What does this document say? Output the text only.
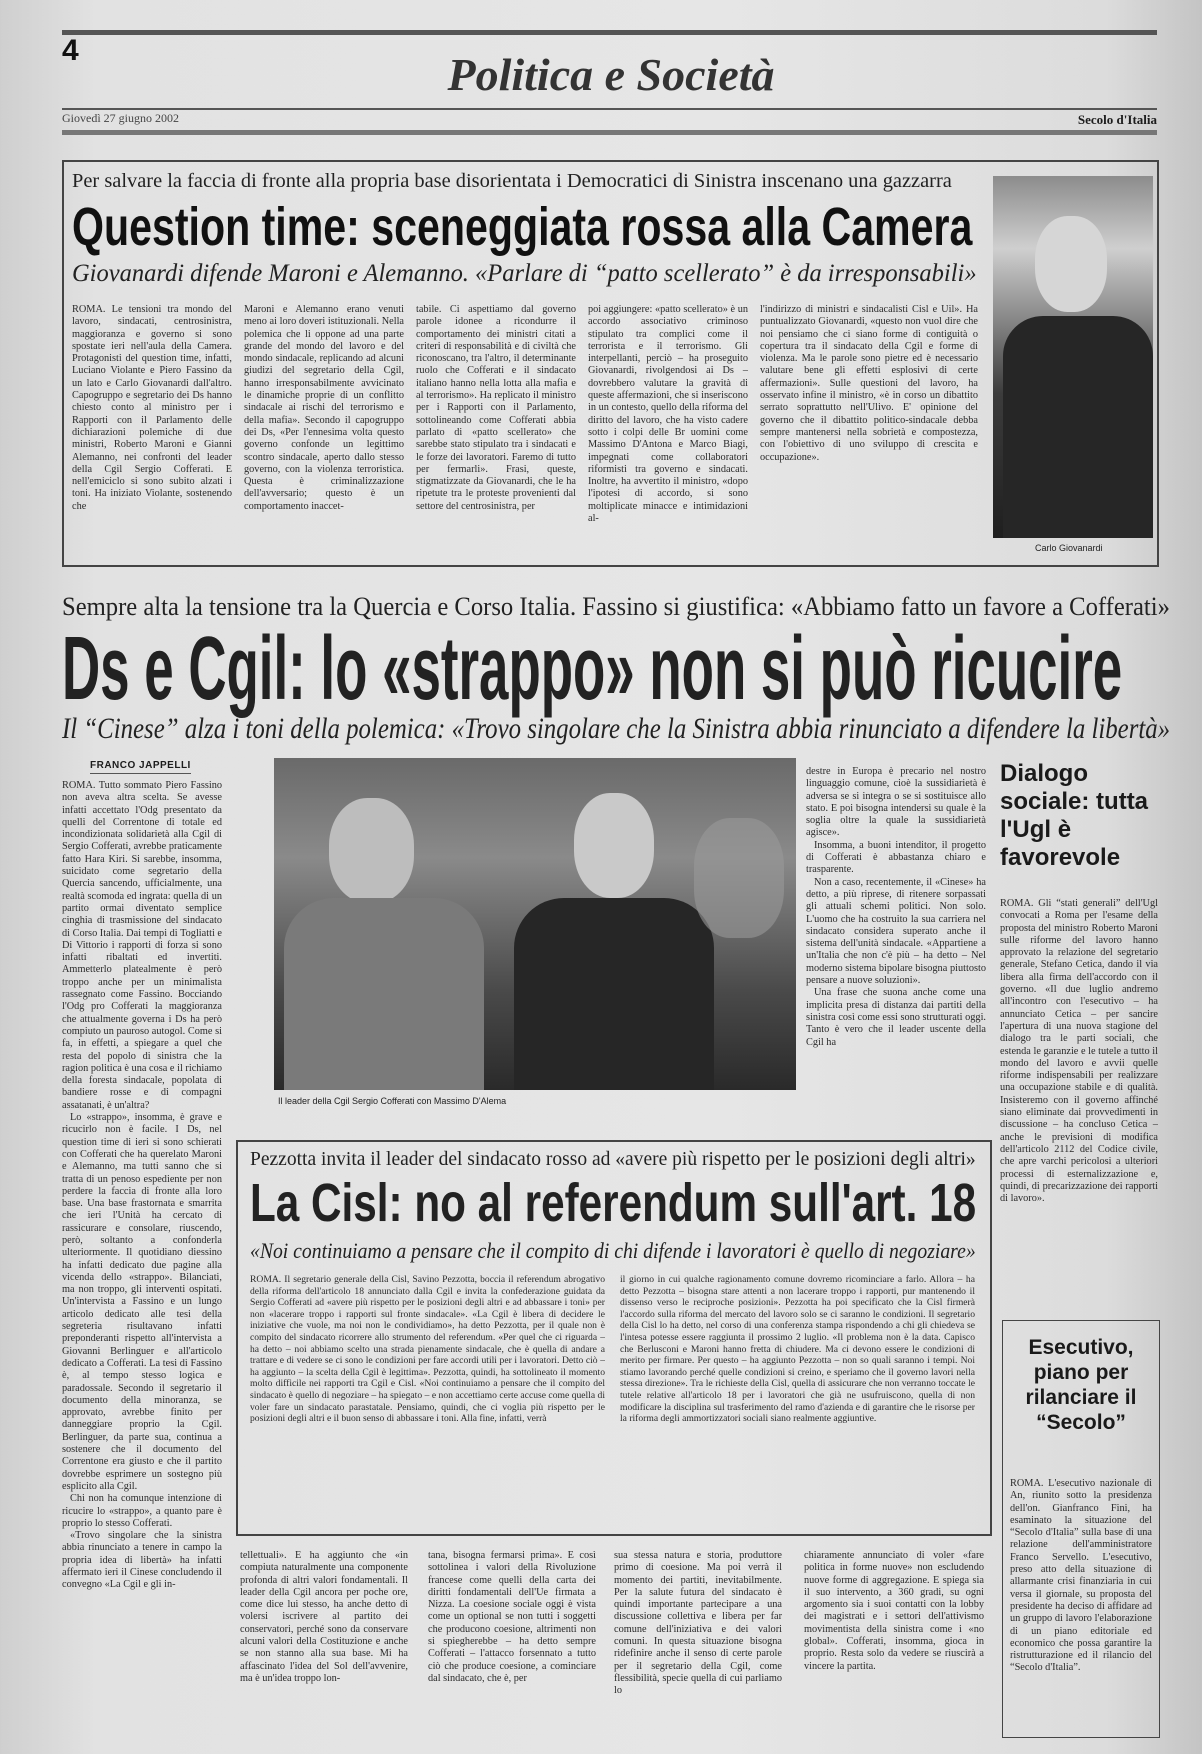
4	Politica e Società
Giovedì 27 giugno 2002	Secolo d'Italia
Per salvare la faccia di fronte alla propria base disorientata i Democratici di Sinistra inscenano una gazzarra
Question time: sceneggiata rossa alla Camera
Giovanardi difende Maroni e Alemanno. «Parlare di “patto scellerato” è da irresponsabili»
ROMA. Le tensioni tra mondo del lavoro, sindacati, centrosinistra, maggioranza e governo si sono spostate ieri nell'aula della Camera. Protagonisti del question time, infatti, Luciano Violante e Piero Fassino da un lato e Carlo Giovanardi dall'altro. Capogruppo e segretario dei Ds hanno chiesto conto al ministro per i Rapporti con il Parlamento delle dichiarazioni polemiche di due ministri, Roberto Maroni e Gianni Alemanno, nei confronti del leader della Cgil Sergio Cofferati. E nell'emiciclo si sono subito alzati i toni. Ha iniziato Violante, sostenendo che
Maroni e Alemanno erano venuti meno ai loro doveri istituzionali. Nella polemica che li oppone ad una parte grande del mondo del lavoro e del mondo sindacale, replicando ad alcuni giudizi del segretario della Cgil, hanno irresponsabilmente avvicinato le dinamiche proprie di un conflitto sindacale ai rischi del terrorismo e della mafia». Secondo il capogruppo dei Ds, «Per l'ennesima volta questo governo confonde un legittimo scontro sindacale, aperto dallo stesso governo, con la violenza terroristica. Questa è criminalizzazione dell'avversario; questo è un comportamento inaccet-
tabile. Ci aspettiamo dal governo parole idonee a ricondurre il comportamento dei ministri citati a criteri di responsabilità e di civiltà che riconoscano, tra l'altro, il determinante ruolo che Cofferati e il sindacato italiano hanno nella lotta alla mafia e al terrorismo». Ha replicato il ministro per i Rapporti con il Parlamento, sottolineando come Cofferati abbia parlato di «patto scellerato» che sarebbe stato stipulato tra i sindacati e le forze dei lavoratori. Faremo di tutto per fermarli». Frasi, queste, stigmatizzate da Giovanardi, che le ha ripetute tra le proteste provenienti dal settore del centrosinistra, per
poi aggiungere: «patto scellerato» è un accordo associativo criminoso stipulato tra complici come il terrorista e il terrorismo. Gli interpellanti, perciò – ha proseguito Giovanardi, rivolgendosi ai Ds – dovrebbero valutare la gravità di queste affermazioni, che si inseriscono in un contesto, quello della riforma del diritto del lavoro, che ha visto cadere sotto i colpi delle Br uomini come Massimo D'Antona e Marco Biagi, impegnati come collaboratori riformisti tra governo e sindacati. Inoltre, ha avvertito il ministro, «dopo l'ipotesi di accordo, si sono moltiplicate minacce e intimidazioni al-
l'indirizzo di ministri e sindacalisti Cisl e Uil». Ha puntualizzato Giovanardi, «questo non vuol dire che noi pensiamo che ci siano forme di contiguità o copertura tra il sindacato della Cgil e forme di violenza. Ma le parole sono pietre ed è necessario valutare bene gli effetti esplosivi di certe affermazioni». Sulle questioni del lavoro, ha osservato infine il ministro, «è in corso un dibattito serrato soprattutto nell'Ulivo. E' opinione del governo che il dibattito politico-sindacale debba sempre mantenersi nella sobrietà e compostezza, con l'obiettivo di uno sviluppo di crescita e occupazione».
Carlo Giovanardi
Sempre alta la tensione tra la Quercia e Corso Italia. Fassino si giustifica: «Abbiamo fatto un favore a Cofferati»
Ds e Cgil: lo «strappo» non si può ricucire
Il “Cinese” alza i toni della polemica: «Trovo singolare che la Sinistra abbia rinunciato a difendere la libertà»
FRANCO JAPPELLI

ROMA. Tutto sommato Piero Fassino non aveva altra scelta. Se avesse infatti accettato l'Odg presentato da quelli del Correntone di totale ed incondizionata solidarietà alla Cgil di Sergio Cofferati, avrebbe praticamente fatto Hara Kiri. Si sarebbe, insomma, suicidato come segretario della Quercia sancendo, ufficialmente, una realtà scomoda ed ingrata: quella di un partito ormai diventato semplice cinghia di trasmissione del sindacato di Corso Italia. Dai tempi di Togliatti e Di Vittorio i rapporti di forza si sono infatti ribaltati ed invertiti. Ammetterlo platealmente è però troppo anche per un minimalista rassegnato come Fassino. Bocciando l'Odg pro Cofferati la maggioranza che attualmente governa i Ds ha però compiuto un pauroso autogol. Come si fa, in effetti, a spiegare a quel che resta del popolo di sinistra che la ragion politica è una cosa e il richiamo della foresta sindacale, popolata di bandiere rosse e di compagni assatanati, è un'altra?

Lo «strappo», insomma, è grave e ricucirlo non è facile. I Ds, nel question time di ieri si sono schierati con Cofferati che ha querelato Maroni e Alemanno, ma tutti sanno che si tratta di un penoso espediente per non perdere la faccia di fronte alla loro base. Una base frastornata e smarrita che ieri l'Unità ha cercato di rassicurare e consolare, riuscendo, però, soltanto a confonderla ulteriormente. Il quotidiano diessino ha infatti dedicato due pagine alla vicenda dello «strappo». Bilanciati, ma non troppo, gli interventi ospitati. Un'intervista a Fassino e un lungo articolo dedicato alle tesi della segreteria risultavano infatti preponderanti rispetto all'intervista a Giovanni Berlinguer e all'articolo dedicato a Cofferati. La tesi di Fassino è, al tempo stesso logica e paradossale. Secondo il segretario il documento della minoranza, se approvato, avrebbe finito per danneggiare proprio la Cgil. Berlinguer, da parte sua, continua a sostenere che il documento del Correntone era giusto e che il partito dovrebbe esprimere un sostegno più esplicito alla Cgil.

Chi non ha comunque intenzione di ricucire lo «strappo», a quanto pare è proprio lo stesso Cofferati.

«Trovo singolare che la sinistra abbia rinunciato a tenere in campo la propria idea di libertà» ha infatti affermato ieri il Cinese concludendo il convegno «La Cgil e gli in-

Il leader della Cgil Sergio Cofferati con Massimo D'Alema

destre in Europa è precario nel nostro linguaggio comune, cioè la sussidiarietà è adversa se si integra o se si sostituisce allo stato. E poi bisogna intendersi su quale è la soglia oltre la quale la sussidiarietà agisce».

Insomma, a buoni intenditor, il progetto di Cofferati è abbastanza chiaro e trasparente.

Non a caso, recentemente, il «Cinese» ha detto, a più riprese, di ritenere sorpassati gli attuali schemi politici. Non solo. L'uomo che ha costruito la sua carriera nel sindacato considera superato anche il sistema dell'unità sindacale. «Appartiene a un'Italia che non c'è più – ha detto – Nel moderno sistema bipolare bisogna piuttosto pensare a nuove soluzioni».

Una frase che suona anche come una implicita presa di distanza dai partiti della sinistra così come essi sono strutturati oggi. Tanto è vero che il leader uscente della Cgil ha

Dialogo sociale: tutta l'Ugl è favorevole
ROMA. Gli “stati generali” dell'Ugl convocati a Roma per l'esame della proposta del ministro Roberto Maroni sulle riforme del lavoro hanno approvato la relazione del segretario generale, Stefano Cetica, dando il via libera alla firma dell'accordo con il governo. «Il due luglio andremo all'incontro con l'esecutivo – ha annunciato Cetica – per sancire l'apertura di una nuova stagione del dialogo tra le parti sociali, che estenda le garanzie e le tutele a tutto il mondo del lavoro e avvii quelle riforme indispensabili per realizzare una occupazione stabile e di qualità. Insisteremo con il governo affinché siano eliminate dai provvedimenti in discussione – ha concluso Cetica – anche le previsioni di modifica dell'articolo 2112 del Codice civile, che apre varchi pericolosi a ulteriori processi di esternalizzazione e, quindi, di precarizzazione dei rapporti di lavoro».
Pezzotta invita il leader del sindacato rosso ad «avere più rispetto per le posizioni degli altri»
La Cisl: no al referendum sull'art. 18
«Noi continuiamo a pensare che il compito di chi difende i lavoratori è quello di negoziare»
ROMA. Il segretario generale della Cisl, Savino Pezzotta, boccia il referendum abrogativo della riforma dell'articolo 18 annunciato dalla Cgil e invita la confederazione guidata da Sergio Cofferati ad «avere più rispetto per le posizioni degli altri e ad abbassare i toni» per non «lacerare troppo i rapporti sul fronte sindacale». «La Cgil è libera di decidere le iniziative che vuole, ma noi non le condividiamo», ha detto Pezzotta, per il quale non è compito del sindacato ricorrere allo strumento del referendum. «Per quel che ci riguarda – ha detto – noi abbiamo scelto una strada pienamente sindacale, che è quella di andare a trattare e di vedere se ci sono le condizioni per fare accordi utili per i lavoratori. Detto ciò – ha aggiunto – la scelta della Cgil è legittima». Pezzotta, quindi, ha sottolineato il momento molto difficile nei rapporti tra Cgil e Cisl. «Noi continuiamo a pensare che il compito del sindacato è quello di negoziare – ha spiegato – e non accettiamo certe accuse come quella di voler fare un sindacato parastatale. Pensiamo, quindi, che ci voglia più rispetto per le posizioni degli altri e il buon senso di abbassare i toni. Alla fine, infatti, verrà
il giorno in cui qualche ragionamento comune dovremo ricominciare a farlo. Allora – ha detto Pezzotta – bisogna stare attenti a non lacerare troppo i rapporti, pur mantenendo il dissenso verso le reciproche posizioni». Pezzotta ha poi specificato che la Cisl firmerà l'accordo sulla riforma del mercato del lavoro solo se ci saranno le condizioni. Il segretario della Cisl lo ha detto, nel corso di una conferenza stampa rispondendo a chi gli chiedeva se l'intesa potesse essere raggiunta il prossimo 2 luglio. «Il problema non è la data. Capisco che Berlusconi e Maroni hanno fretta di chiudere. Ma ci devono essere le condizioni di merito per firmare. Per questo – ha aggiunto Pezzotta – non so quali saranno i tempi. Noi stiamo lavorando perché quelle condizioni si creino, e speriamo che il governo lavori nella stessa direzione». Tra le richieste della Cisl, quella di assicurare che non verranno toccate le tutele relative all'articolo 18 per i lavoratori che già ne usufruiscono, quella di non modificare la disciplina sul trasferimento del ramo d'azienda e di garantire che le risorse per la riforma degli ammortizzatori sociali siano realmente aggiuntive.
tellettuali». E ha aggiunto che «in compiuta naturalmente una componente profonda di altri valori fondamentali. Il leader della Cgil ancora per poche ore, come dice lui stesso, ha anche detto di volersi iscrivere al partito dei conservatori, perché sono da conservare alcuni valori della Costituzione e anche se non stanno alla sua base. Mi ha affascinato l'idea del Sol dell'avvenire, ma è un'idea troppo lon-
tana, bisogna fermarsi prima». E così sottolinea i valori della Rivoluzione francese come quelli della carta dei diritti fondamentali dell'Ue firmata a Nizza. La coesione sociale oggi è vista come un optional se non tutti i soggetti che producono coesione, altrimenti non si spiegherebbe – ha detto sempre Cofferati – l'attacco forsennato a tutto ciò che produce coesione, a cominciare dal sindacato, che è, per
sua stessa natura e storia, produttore primo di coesione. Ma poi verrà il momento dei partiti, inevitabilmente. Per la salute futura del sindacato è quindi importante partecipare a una discussione collettiva e libera per far comune dell'iniziativa e dei valori comuni. In questa situazione bisogna ridefinire anche il senso di certe parole per il segretario della Cgil, come flessibilità, specie quella di cui parliamo lo
chiaramente annunciato di voler «fare politica in forme nuove» non escludendo nuove forme di aggregazione. E spiega sia il suo intervento, a 360 gradi, su ogni argomento sia i suoi contatti con la lobby dei magistrati e i settori dell'attivismo movimentista della sinistra come i «no global». Cofferati, insomma, gioca in proprio. Resta solo da vedere se riuscirà a vincere la partita.
Esecutivo, piano per rilanciare il “Secolo”
ROMA. L'esecutivo nazionale di An, riunito sotto la presidenza dell'on. Gianfranco Fini, ha esaminato la situazione del “Secolo d'Italia” sulla base di una relazione dell'amministratore Franco Servello. L'esecutivo, preso atto della situazione di allarmante crisi finanziaria in cui versa il giornale, su proposta del presidente ha deciso di affidare ad un gruppo di lavoro l'elaborazione di un piano editoriale ed economico che possa garantire la ristrutturazione ed il rilancio del “Secolo d'Italia”.
